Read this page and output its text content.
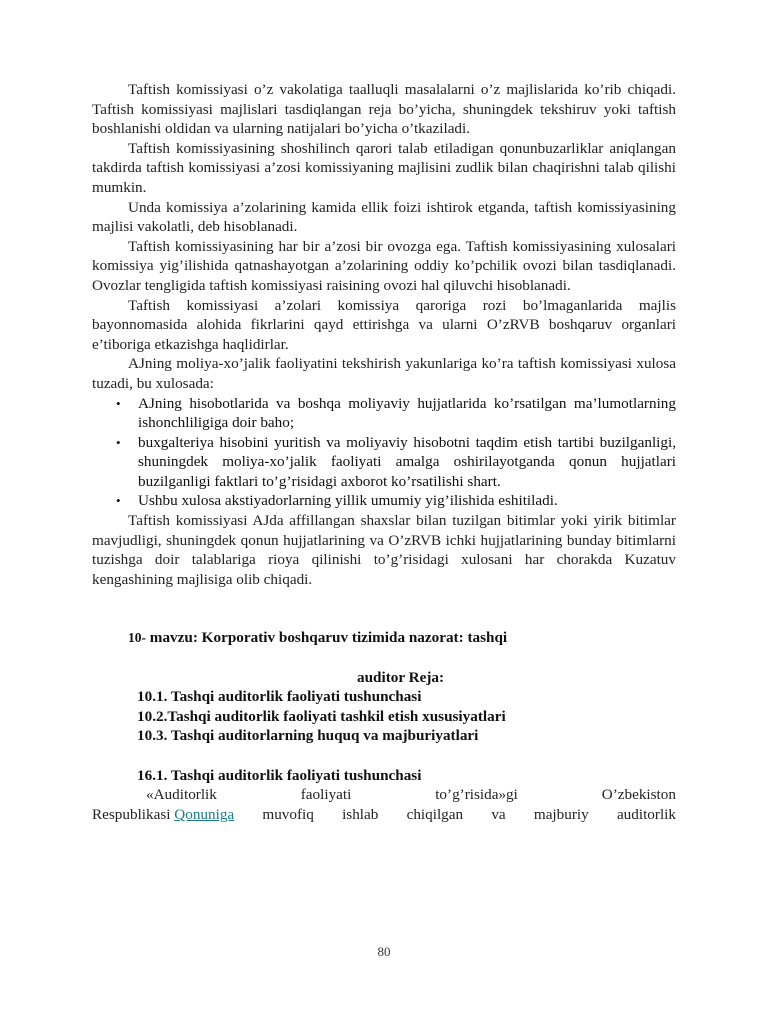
Taftish komissiyasi o’z vakolatiga taalluqli masalalarni o’z majlislarida ko’rib chiqadi. Taftish komissiyasi majlislari tasdiqlangan reja bo’yicha, shuningdek tekshiruv yoki taftish boshlanishi oldidan va ularning natijalari bo’yicha o’tkaziladi.

Taftish komissiyasining shoshilinch qarori talab etiladigan qonunbuzarliklar aniqlangan takdirda taftish komissiyasi a’zosi komissiyaning majlisini zudlik bilan chaqirishni talab qilishi mumkin.

Unda komissiya a’zolarining kamida ellik foizi ishtirok etganda, taftish komissiyasining majlisi vakolatli, deb hisoblanadi.

Taftish komissiyasining har bir a’zosi bir ovozga ega. Taftish komissiyasining xulosalari komissiya yig’ilishida qatnashayotgan a’zolarining oddiy ko’pchilik ovozi bilan tasdiqlanadi. Ovozlar tengligida taftish komissiyasi raisining ovozi hal qiluvchi hisoblanadi.

Taftish komissiyasi a’zolari komissiya qaroriga rozi bo’lmaganlarida majlis bayonnomasida alohida fikrlarini qayd ettirishga va ularni O’zRVB boshqaruv organlari e’tiboriga etkazishga haqlidirlar.

AJning moliya-xo’jalik faoliyatini tekshirish yakunlariga ko’ra taftish komissiyasi xulosa tuzadi, bu xulosada:

• AJning hisobotlarida va boshqa moliyaviy hujjatlarida ko’rsatilgan ma’lumotlarning ishonchliligiga doir baho;
• buxgalteriya hisobini yuritish va moliyaviy hisobotni taqdim etish tartibi buzilganligi, shuningdek moliya-xo’jalik faoliyati amalga oshirilayotganda qonun hujjatlari buzilganligi faktlari to’g’risidagi axborot ko’rsatilishi shart.
• Ushbu xulosa akstiyadorlarning yillik umumiy yig’ilishida eshitiladi.

Taftish komissiyasi AJda affillangan shaxslar bilan tuzilgan bitimlar yoki yirik bitimlar mavjudligi, shuningdek qonun hujjatlarining va O’zRVB ichki hujjatlarining bunday bitimlarni tuzishga doir talablariga rioya qilinishi to’g’risidagi xulosani har chorakda Kuzatuv kengashining majlisiga olib chiqadi.

10- mavzu: Korporativ boshqaruv tizimida nazorat: tashqi
auditor Reja:
10.1. Tashqi auditorlik faoliyati tushunchasi
10.2.Tashqi auditorlik faoliyati tashkil etish xususiyatlari
10.3. Tashqi auditorlarning huquq va majburiyatlari
16.1. Tashqi auditorlik faoliyati tushunchasi
«Auditorlik	faoliyati	to’g’risida»gi	O’zbekiston
Respublikasi Qonuniga muvofiq ishlab chiqilgan va majburiy auditorlik
80
